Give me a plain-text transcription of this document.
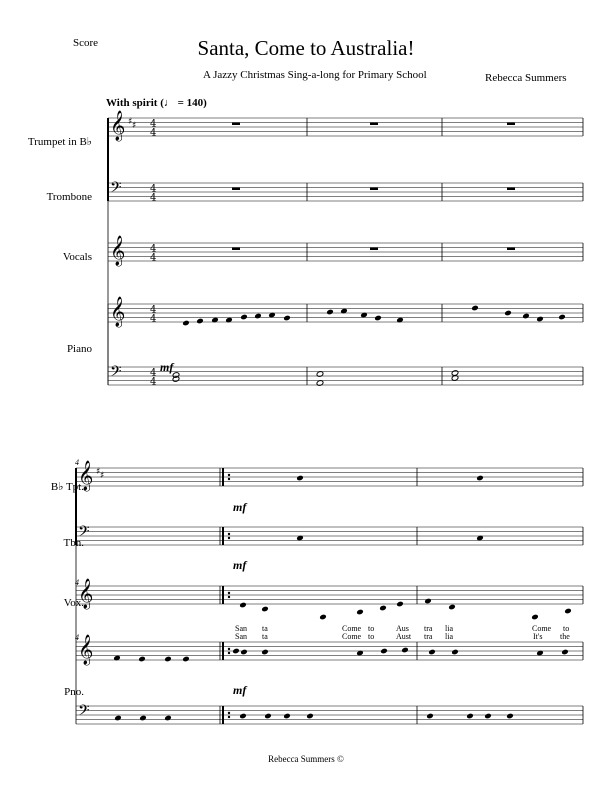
Score	Santa, Come to Australia!
A Jazzy Christmas Sing-a-long for Primary School	Rebecca Summers
With spirit (♩ = 140)
Trumpet in B♭
Trombone
Vocals
Piano
B♭ Tpt.
Tbn.
Vox.
Pno.
4
4
4
San ta	Come to	Aus tra lia	Come to
San ta	Come to	Aust tra lia	It's the
mf
mf
mf
mf
Rebecca Summers ©
𝄞 4
4
𝄢	4
4
𝄞 4
4
𝄞 4
4
𝄢	4
4
♯ ♯
𝄞
𝄢
𝄞
𝄞
𝄢
♯ ♯
